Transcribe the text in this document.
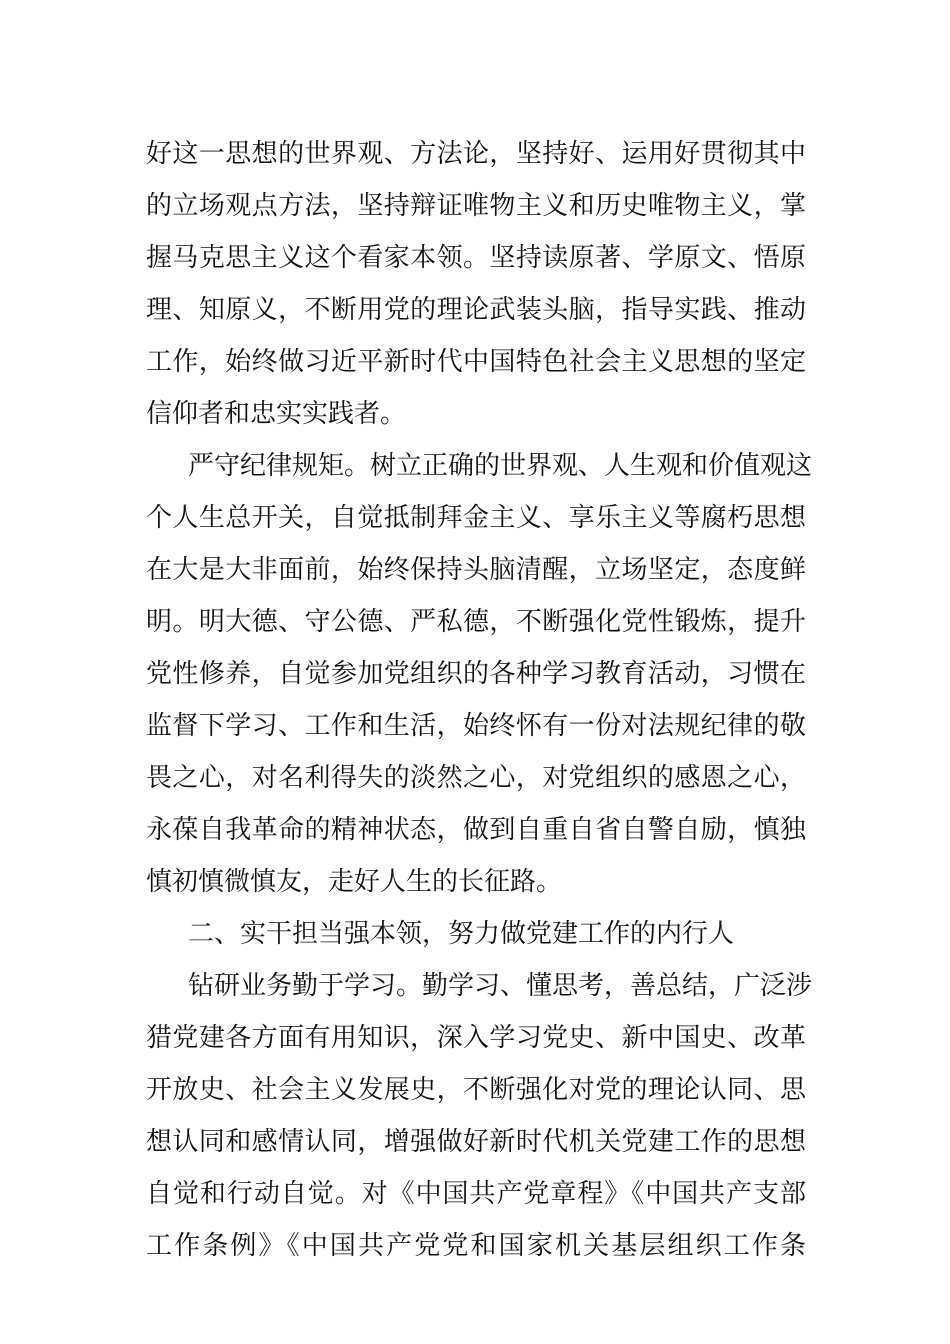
好这一思想的世界观、方法论，坚持好、运用好贯彻其中
的立场观点方法，坚持辩证唯物主义和历史唯物主义，掌
握马克思主义这个看家本领。坚持读原著、学原文、悟原
理、知原义，不断用党的理论武装头脑，指导实践、推动
工作，始终做习近平新时代中国特色社会主义思想的坚定
信仰者和忠实实践者。
严守纪律规矩。树立正确的世界观、人生观和价值观这
个人生总开关，自觉抵制拜金主义、享乐主义等腐朽思想
在大是大非面前，始终保持头脑清醒，立场坚定，态度鲜
明。明大德、守公德、严私德，不断强化党性锻炼，提升
党性修养，自觉参加党组织的各种学习教育活动，习惯在
监督下学习、工作和生活，始终怀有一份对法规纪律的敬
畏之心，对名利得失的淡然之心，对党组织的感恩之心，
永葆自我革命的精神状态，做到自重自省自警自励，慎独
慎初慎微慎友，走好人生的长征路。
二、实干担当强本领，努力做党建工作的内行人
钻研业务勤于学习。勤学习、懂思考，善总结，广泛涉
猎党建各方面有用知识，深入学习党史、新中国史、改革
开放史、社会主义发展史，不断强化对党的理论认同、思
想认同和感情认同，增强做好新时代机关党建工作的思想
自觉和行动自觉。对《中国共产党章程》《中国共产支部
工作条例》《中国共产党党和国家机关基层组织工作条
